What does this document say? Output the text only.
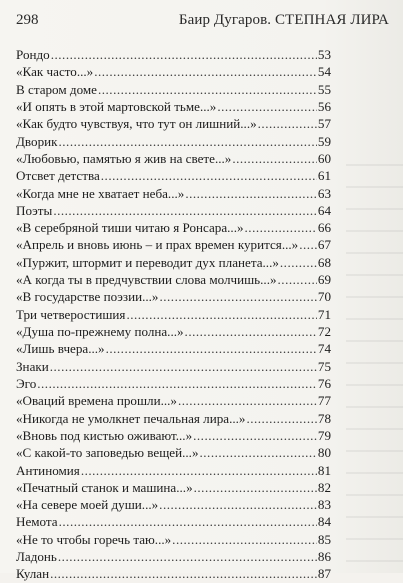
298	Баир Дугаров. СТЕПНАЯ ЛИРА
Рондо .....	53
«Как часто...» .....	54
В старом доме .....	55
«И опять в этой мартовской тьме...» .....	56
«Как будто чувствуя, что тут он лишний...» .....	57
Дворик .....	59
«Любовью, памятью я жив на свете...» .....	60
Отсвет детства .....	61
«Когда мне не хватает неба...» .....	63
Поэты .....	64
«В серебряной тиши читаю я Ронсара...» .....	66
«Апрель и вновь июнь – и прах времен курится...» ..... 67
«Пуржит, штормит и переводит дух планета...» .....	68
«А когда ты в предчувствии слова молчишь...» .....	69
«В государстве поэзии...» .....	70
Три четверостишия .....	71
«Душа по-прежнему полна...» .....	72
«Лишь вчера...» .....	74
Знаки .....	75
Эго .....	76
«Оваций времена прошли...» .....	77
«Никогда не умолкнет печальная лира...» .....	78
«Вновь под кистью оживают...» .....	79
«С какой-то заповедью вещей...» .....	80
Антиномия .....	81
«Печатный станок и машина...» .....	82
«На севере моей души...» .....	83
Немота .....	84
«Не то чтобы горечь таю...» .....	85
Ладонь .....	86
Кулан .....	87
